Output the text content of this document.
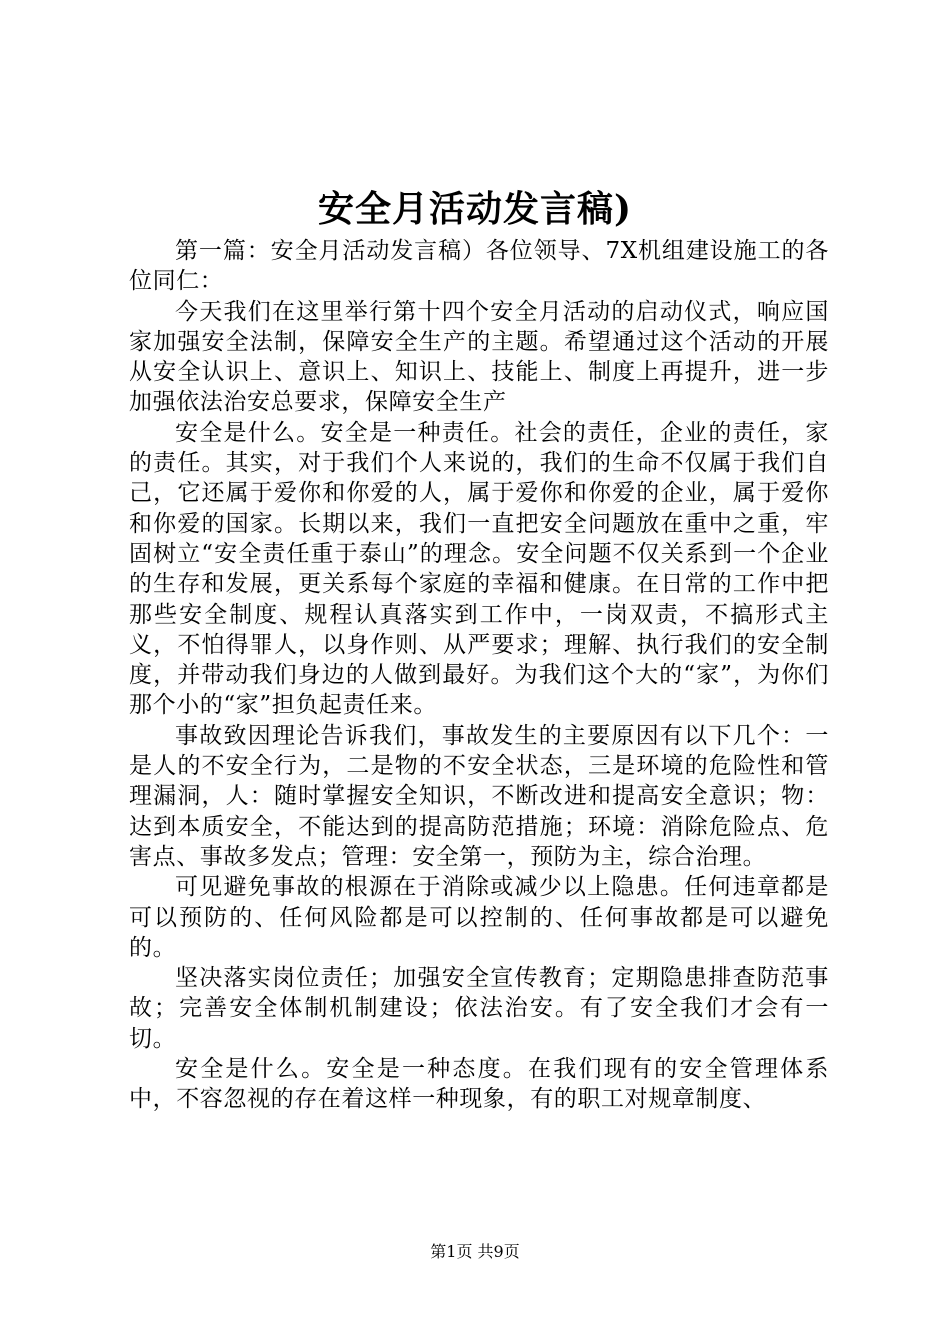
安全月活动发言稿)

第一篇：安全月活动发言稿）各位领导、7X机组建设施工的各位同仁：

今天我们在这里举行第十四个安全月活动的启动仪式，响应国家加强安全法制，保障安全生产的主题。希望通过这个活动的开展从安全认识上、意识上、知识上、技能上、制度上再提升，进一步加强依法治安总要求，保障安全生产

安全是什么。安全是一种责任。社会的责任，企业的责任，家的责任。其实，对于我们个人来说的，我们的生命不仅属于我们自己，它还属于爱你和你爱的人，属于爱你和你爱的企业，属于爱你和你爱的国家。长期以来，我们一直把安全问题放在重中之重，牢固树立“安全责任重于泰山”的理念。安全问题不仅关系到一个企业的生存和发展，更关系每个家庭的幸福和健康。在日常的工作中把那些安全制度、规程认真落实到工作中，一岗双责，不搞形式主义，不怕得罪人，以身作则、从严要求；理解、执行我们的安全制度，并带动我们身边的人做到最好。为我们这个大的“家”，为你们那个小的“家”担负起责任来。

事故致因理论告诉我们，事故发生的主要原因有以下几个：一是人的不安全行为，二是物的不安全状态，三是环境的危险性和管理漏洞，人：随时掌握安全知识，不断改进和提高安全意识；物：达到本质安全，不能达到的提高防范措施；环境：消除危险点、危害点、事故多发点；管理：安全第一，预防为主，综合治理。

可见避免事故的根源在于消除或减少以上隐患。任何违章都是可以预防的、任何风险都是可以控制的、任何事故都是可以避免的。

坚决落实岗位责任；加强安全宣传教育；定期隐患排查防范事故；完善安全体制机制建设；依法治安。有了安全我们才会有一切。

安全是什么。安全是一种态度。在我们现有的安全管理体系中，不容忽视的存在着这样一种现象，有的职工对规章制度、

第1页 共9页
